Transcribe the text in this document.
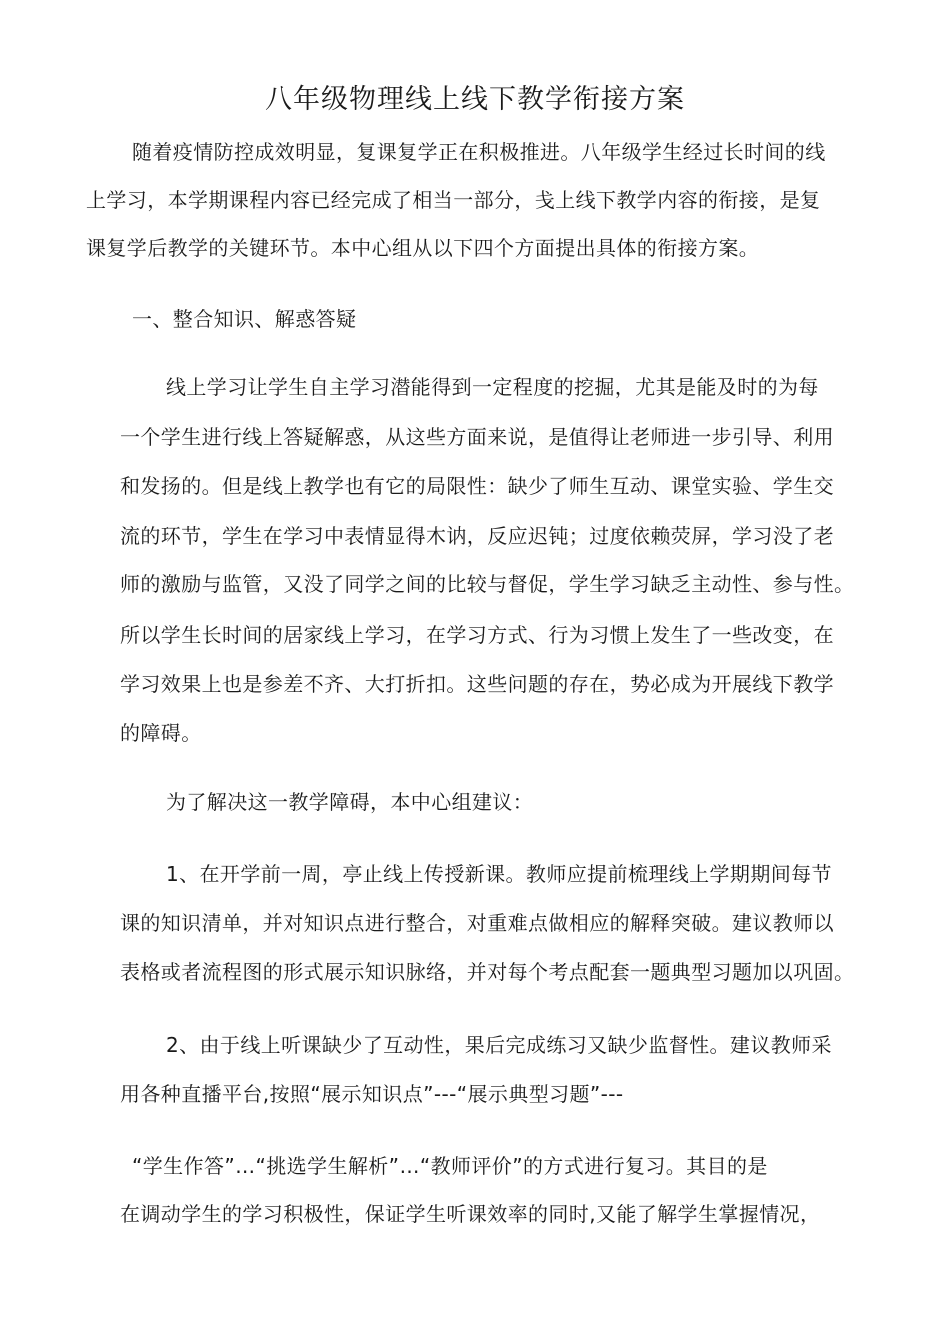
八年级物理线上线下教学衔接方案
随着疫情防控成效明显，复课复学正在积极推进。八年级学生经过长时间的线
上学习，本学期课程内容已经完成了相当一部分，戋上线下教学内容的衔接，是复
课复学后教学的关键环节。本中心组从以下四个方面提出具体的衔接方案。
一、整合知识、解惑答疑
线上学习让学生自主学习潜能得到一定程度的挖掘，尤其是能及时的为每
一个学生进行线上答疑解惑，从这些方面来说，是值得让老师进一步引导、利用
和发扬的。但是线上教学也有它的局限性：缺少了师生互动、课堂实验、学生交
流的环节，学生在学习中表情显得木讷，反应迟钝；过度依赖荧屏，学习没了老
师的激励与监管，又没了同学之间的比较与督促，学生学习缺乏主动性、参与性。
所以学生长时间的居家线上学习，在学习方式、行为习惯上发生了一些改变，在
学习效果上也是参差不齐、大打折扣。这些问题的存在，势必成为开展线下教学
的障碍。
为了解决这一教学障碍，本中心组建议：
1、在开学前一周，亭止线上传授新课。教师应提前梳理线上学期期间每节
课的知识清单，并对知识点进行整合，对重难点做相应的解释突破。建议教师以
表格或者流程图的形式展示知识脉络，并对每个考点配套一题典型习题加以巩固。
2、由于线上听课缺少了互动性，果后完成练习又缺少监督性。建议教师采
用各种直播平台,按照“展示知识点”---“展示典型习题”---
“学生作答”…“挑选学生解析”…“教师评价”的方式进行复习。其目的是
在调动学生的学习积极性，保证学生听课效率的同时,又能了解学生掌握情况，
